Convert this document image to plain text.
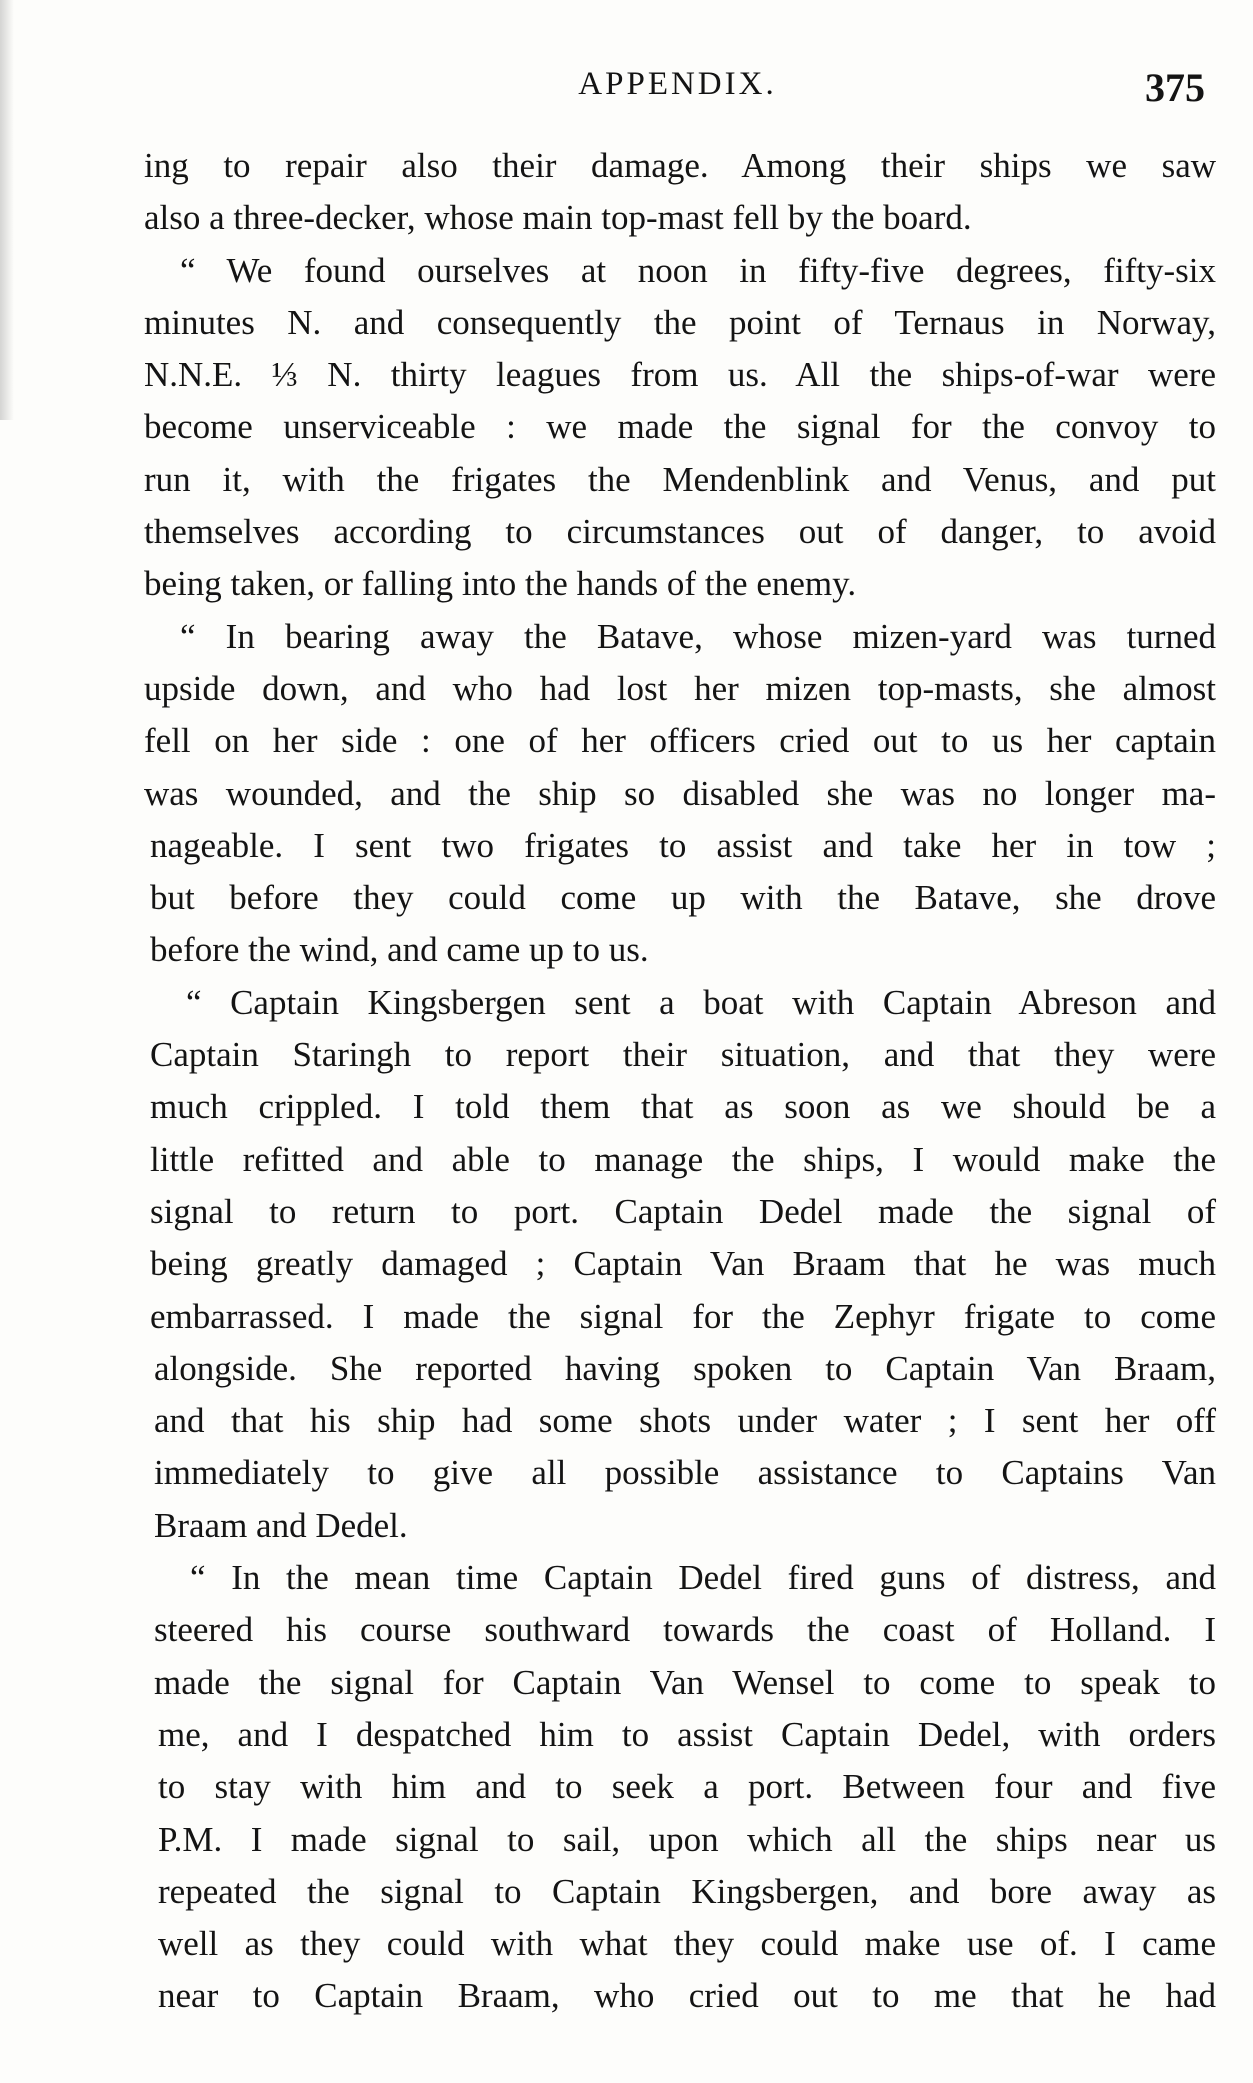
APPENDIX.	375
ing to repair also their damage. Among their ships we saw
also a three-decker, whose main top-mast fell by the board.
“ We found ourselves at noon in fifty-five degrees, fifty-six
minutes N. and consequently the point of Ternaus in Norway,
N.N.E. ⅓ N. thirty leagues from us. All the ships-of-war were
become unserviceable : we made the signal for the convoy to
run it, with the frigates the Mendenblink and Venus, and put
themselves according to circumstances out of danger, to avoid
being taken, or falling into the hands of the enemy.
“ In bearing away the Batave, whose mizen-yard was turned
upside down, and who had lost her mizen top-masts, she almost
fell on her side : one of her officers cried out to us her captain
was wounded, and the ship so disabled she was no longer ma-
nageable. I sent two frigates to assist and take her in tow ;
but before they could come up with the Batave, she drove
before the wind, and came up to us.
“ Captain Kingsbergen sent a boat with Captain Abreson and
Captain Staringh to report their situation, and that they were
much crippled. I told them that as soon as we should be a
little refitted and able to manage the ships, I would make the
signal to return to port. Captain Dedel made the signal of
being greatly damaged ; Captain Van Braam that he was much
embarrassed. I made the signal for the Zephyr frigate to come
alongside. She reported having spoken to Captain Van Braam,
and that his ship had some shots under water ; I sent her off
immediately to give all possible assistance to Captains Van
Braam and Dedel.
“ In the mean time Captain Dedel fired guns of distress, and
steered his course southward towards the coast of Holland. I
made the signal for Captain Van Wensel to come to speak to
me, and I despatched him to assist Captain Dedel, with orders
to stay with him and to seek a port. Between four and five
P.M. I made signal to sail, upon which all the ships near us
repeated the signal to Captain Kingsbergen, and bore away as
well as they could with what they could make use of. I came
near to Captain Braam, who cried out to me that he had
